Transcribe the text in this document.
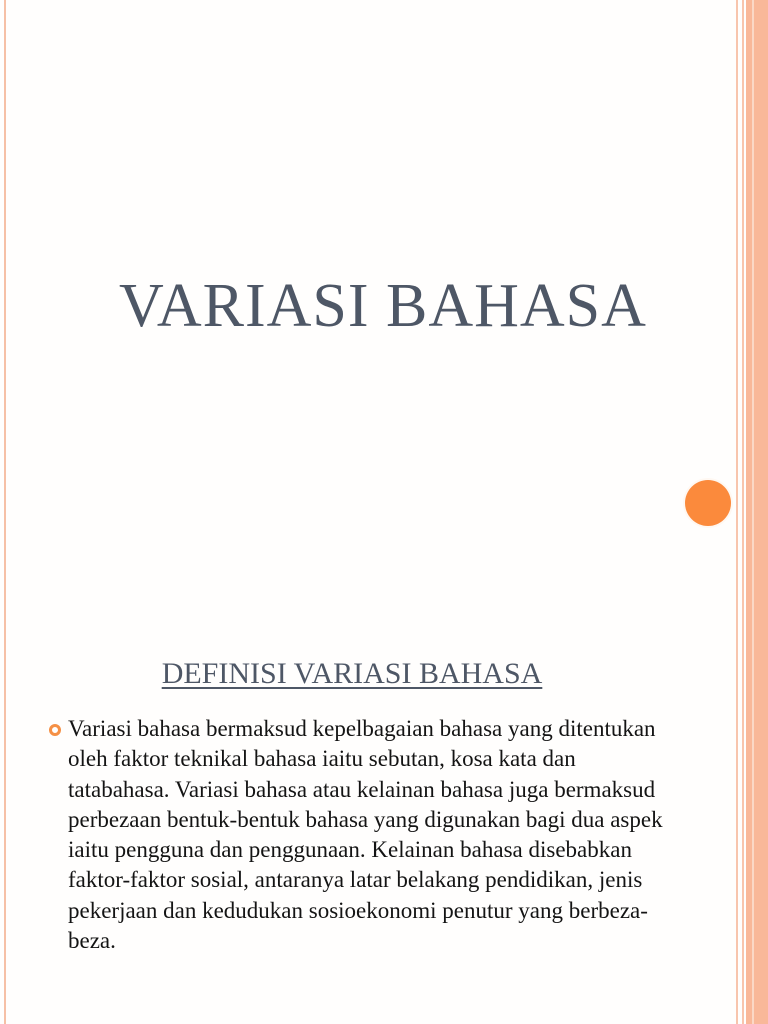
VARIASI BAHASA
DEFINISI VARIASI BAHASA
Variasi bahasa bermaksud kepelbagaian bahasa yang ditentukan oleh faktor teknikal bahasa iaitu sebutan, kosa kata dan tatabahasa. Variasi bahasa atau kelainan bahasa juga bermaksud perbezaan bentuk-bentuk bahasa yang digunakan bagi dua aspek iaitu pengguna dan penggunaan. Kelainan bahasa disebabkan faktor-faktor sosial, antaranya latar belakang pendidikan, jenis pekerjaan dan kedudukan sosioekonomi penutur yang berbeza-beza.
